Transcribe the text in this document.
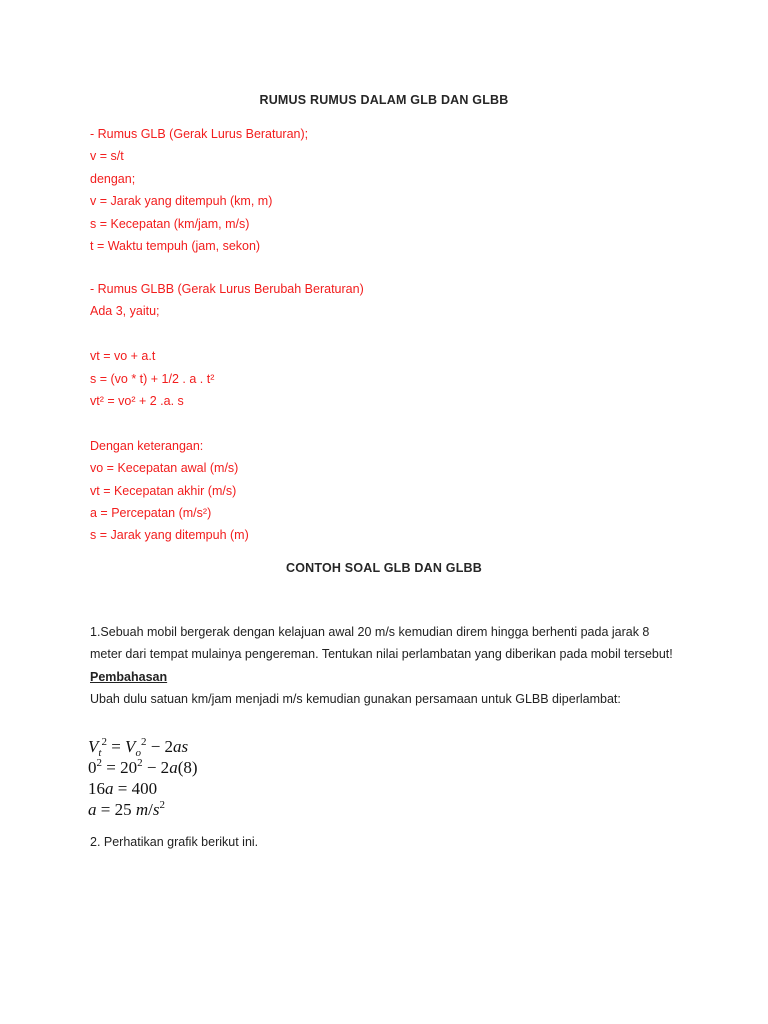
RUMUS RUMUS DALAM GLB DAN GLBB
- Rumus GLB (Gerak Lurus Beraturan);
v = s/t
dengan;
v = Jarak yang ditempuh (km, m)
s = Kecepatan (km/jam, m/s)
t = Waktu tempuh (jam, sekon)
- Rumus GLBB (Gerak Lurus Berubah Beraturan)
Ada 3, yaitu;
vt = vo + a.t
s = (vo * t) + 1/2 . a . t²
vt² = vo² + 2 .a. s
Dengan keterangan:
vo = Kecepatan awal (m/s)
vt = Kecepatan akhir (m/s)
a = Percepatan (m/s²)
s = Jarak yang ditempuh (m)
CONTOH SOAL GLB DAN GLBB
1.Sebuah mobil bergerak dengan kelajuan awal 20 m/s kemudian direm hingga berhenti pada jarak 8
meter dari tempat mulainya pengereman. Tentukan nilai perlambatan yang diberikan pada mobil tersebut!
Pembahasan
Ubah dulu satuan km/jam menjadi m/s kemudian gunakan persamaan untuk GLBB diperlambat:
$V_t^2 = V_o^2 - 2as$
$0^2 = 20^2 - 2a(8)$
16a = 400
a = 25 $m/s^2$
2. Perhatikan grafik berikut ini.
